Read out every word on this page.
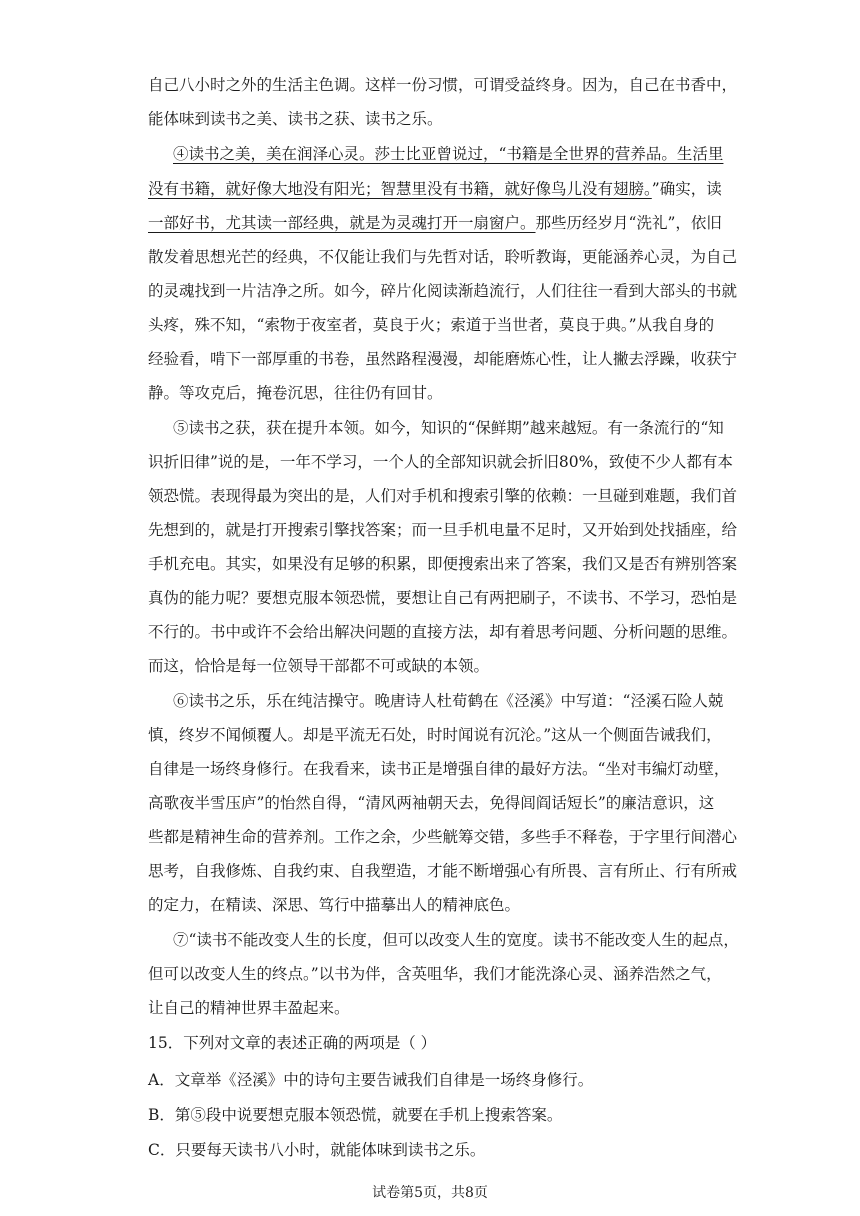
自己八小时之外的生活主色调。这样一份习惯，可谓受益终身。因为，自己在书香中，
能体味到读书之美、读书之获、读书之乐。
④读书之美，美在润泽心灵。莎士比亚曾说过，“书籍是全世界的营养品。生活里
没有书籍，就好像大地没有阳光；智慧里没有书籍，就好像鸟儿没有翅膀。”确实，读
一部好书，尤其读一部经典，就是为灵魂打开一扇窗户。那些历经岁月“洗礼”，依旧
散发着思想光芒的经典，不仅能让我们与先哲对话，聆听教诲，更能涵养心灵，为自己
的灵魂找到一片洁净之所。如今，碎片化阅读渐趋流行，人们往往一看到大部头的书就
头疼，殊不知，“索物于夜室者，莫良于火；索道于当世者，莫良于典。”从我自身的
经验看，啃下一部厚重的书卷，虽然路程漫漫，却能磨炼心性，让人撇去浮躁，收获宁
静。等攻克后，掩卷沉思，往往仍有回甘。
⑤读书之获，获在提升本领。如今，知识的“保鲜期”越来越短。有一条流行的“知
识折旧律”说的是，一年不学习，一个人的全部知识就会折旧80%，致使不少人都有本
领恐慌。表现得最为突出的是，人们对手机和搜索引擎的依赖：一旦碰到难题，我们首
先想到的，就是打开搜索引擎找答案；而一旦手机电量不足时，又开始到处找插座，给
手机充电。其实，如果没有足够的积累，即便搜索出来了答案，我们又是否有辨别答案
真伪的能力呢？要想克服本领恐慌，要想让自己有两把刷子，不读书、不学习，恐怕是
不行的。书中或许不会给出解决问题的直接方法，却有着思考问题、分析问题的思维。
而这，恰恰是每一位领导干部都不可或缺的本领。
⑥读书之乐，乐在纯洁操守。晚唐诗人杜荀鹤在《泾溪》中写道：“泾溪石险人兢
慎，终岁不闻倾覆人。却是平流无石处，时时闻说有沉沦。”这从一个侧面告诫我们，
自律是一场终身修行。在我看来，读书正是增强自律的最好方法。“坐对韦编灯动壁，
高歌夜半雪压庐”的怡然自得，“清风两袖朝天去，免得闾阎话短长”的廉洁意识，这
些都是精神生命的营养剂。工作之余，少些觥筹交错，多些手不释卷，于字里行间潜心
思考，自我修炼、自我约束、自我塑造，才能不断增强心有所畏、言有所止、行有所戒
的定力，在精读、深思、笃行中描摹出人的精神底色。
⑦“读书不能改变人生的长度，但可以改变人生的宽度。读书不能改变人生的起点，
但可以改变人生的终点。”以书为伴，含英咀华，我们才能洗涤心灵、涵养浩然之气，
让自己的精神世界丰盈起来。
15．下列对文章的表述正确的两项是（ ）
A．文章举《泾溪》中的诗句主要告诫我们自律是一场终身修行。
B．第⑤段中说要想克服本领恐慌，就要在手机上搜索答案。
C．只要每天读书八小时，就能体味到读书之乐。
试卷第5页，共8页
